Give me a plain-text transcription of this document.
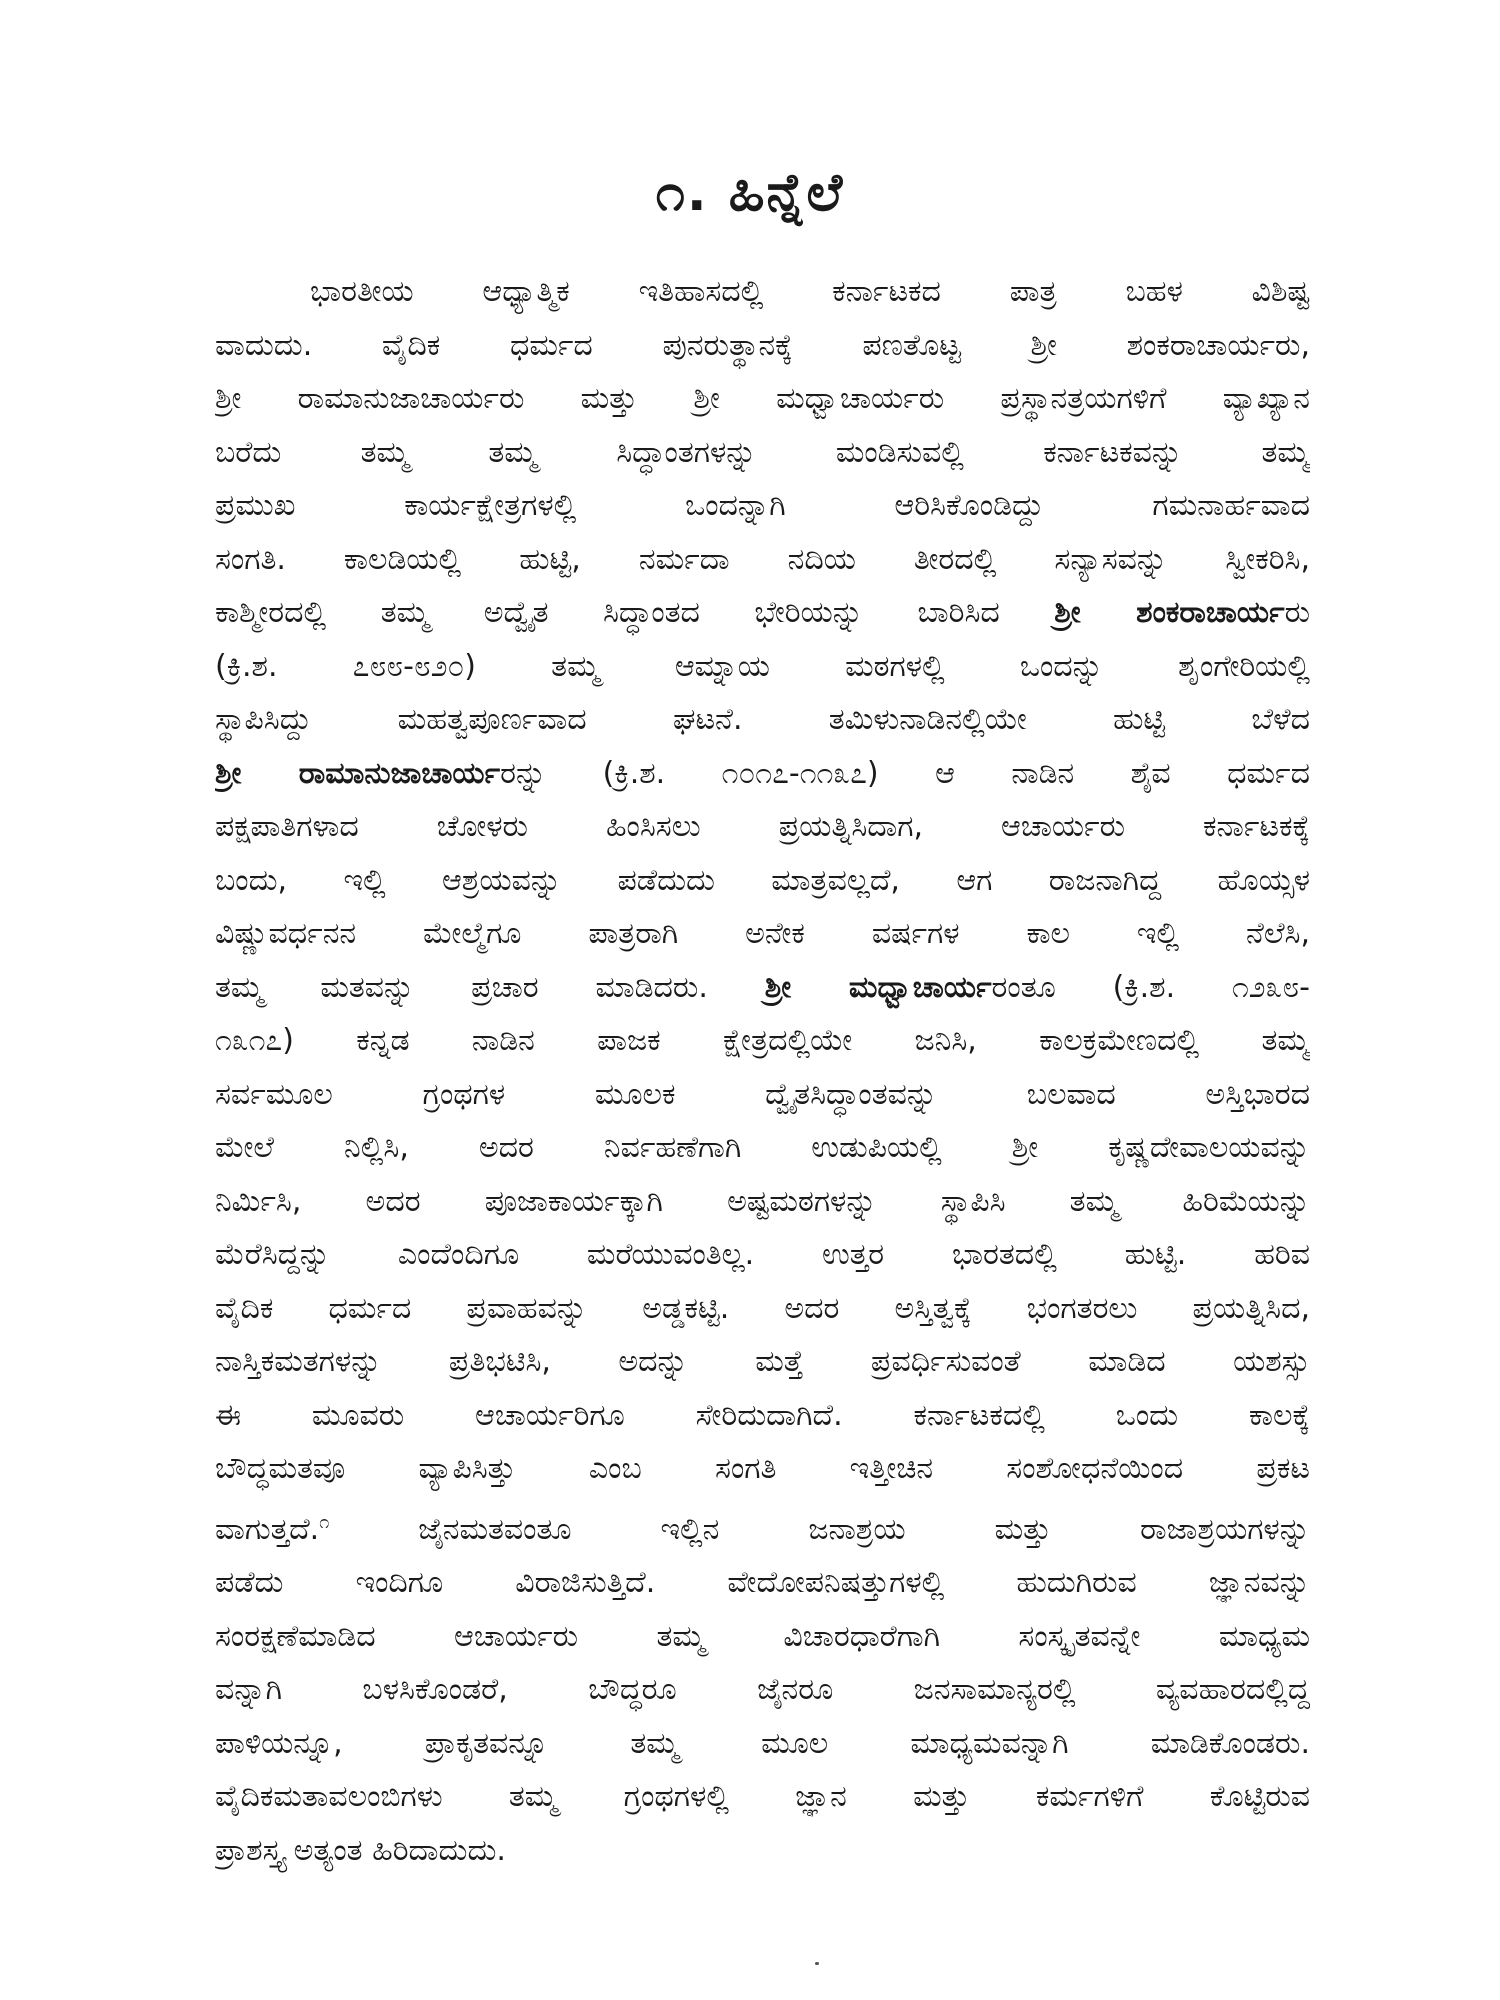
೧. ಹಿನ್ನೆಲೆ
ಭಾರತೀಯ ಆಧ್ಯಾತ್ಮಿಕ ಇತಿಹಾಸದಲ್ಲಿ ಕರ್ನಾಟಕದ ಪಾತ್ರ ಬಹಳ ವಿಶಿಷ್ಟ
ವಾದುದು. ವೈದಿಕ ಧರ್ಮದ ಪುನರುತ್ಥಾನಕ್ಕೆ ಪಣತೊಟ್ಟ ಶ್ರೀ ಶಂಕರಾಚಾರ್ಯರು,
ಶ್ರೀ ರಾಮಾನುಜಾಚಾರ್ಯರು ಮತ್ತು ಶ್ರೀ ಮಧ್ವಾಚಾರ್ಯರು ಪ್ರಸ್ಥಾನತ್ರಯಗಳಿಗೆ ವ್ಯಾಖ್ಯಾನ
ಬರೆದು ತಮ್ಮ ತಮ್ಮ ಸಿದ್ಧಾಂತಗಳನ್ನು ಮಂಡಿಸುವಲ್ಲಿ ಕರ್ನಾಟಕವನ್ನು ತಮ್ಮ
ಪ್ರಮುಖ ಕಾರ್ಯಕ್ಷೇತ್ರಗಳಲ್ಲಿ ಒಂದನ್ನಾಗಿ ಆರಿಸಿಕೊಂಡಿದ್ದು ಗಮನಾರ್ಹವಾದ
ಸಂಗತಿ. ಕಾಲಡಿಯಲ್ಲಿ ಹುಟ್ಟಿ, ನರ್ಮದಾ ನದಿಯ ತೀರದಲ್ಲಿ ಸನ್ಯಾಸವನ್ನು ಸ್ವೀಕರಿಸಿ,
ಕಾಶ್ಮೀರದಲ್ಲಿ ತಮ್ಮ ಅದ್ವೈತ ಸಿದ್ಧಾಂತದ ಭೇರಿಯನ್ನು ಬಾರಿಸಿದ ಶ್ರೀ ಶಂಕರಾಚಾರ್ಯರು
(ಕ್ರಿ.ಶ. ೭೮೮-೮೨೦) ತಮ್ಮ ಆಮ್ನಾಯ ಮಠಗಳಲ್ಲಿ ಒಂದನ್ನು ಶೃಂಗೇರಿಯಲ್ಲಿ
ಸ್ಥಾಪಿಸಿದ್ದು ಮಹತ್ವಪೂರ್ಣವಾದ ಘಟನೆ. ತಮಿಳುನಾಡಿನಲ್ಲಿಯೇ ಹುಟ್ಟಿ ಬೆಳೆದ
ಶ್ರೀ ರಾಮಾನುಜಾಚಾರ್ಯರನ್ನು (ಕ್ರಿ.ಶ. ೧೦೧೭-೧೧೩೭) ಆ ನಾಡಿನ ಶೈವ ಧರ್ಮದ
ಪಕ್ಷಪಾತಿಗಳಾದ ಚೋಳರು ಹಿಂಸಿಸಲು ಪ್ರಯತ್ನಿಸಿದಾಗ, ಆಚಾರ್ಯರು ಕರ್ನಾಟಕಕ್ಕೆ
ಬಂದು, ಇಲ್ಲಿ ಆಶ್ರಯವನ್ನು ಪಡೆದುದು ಮಾತ್ರವಲ್ಲದೆ, ಆಗ ರಾಜನಾಗಿದ್ದ ಹೊಯ್ಸಳ
ವಿಷ್ಣುವರ್ಧನನ ಮೇಲ್ಮೆಗೂ ಪಾತ್ರರಾಗಿ ಅನೇಕ ವರ್ಷಗಳ ಕಾಲ ಇಲ್ಲಿ ನೆಲೆಸಿ,
ತಮ್ಮ ಮತವನ್ನು ಪ್ರಚಾರ ಮಾಡಿದರು. ಶ್ರೀ ಮಧ್ವಾಚಾರ್ಯರಂತೂ (ಕ್ರಿ.ಶ. ೧೨೩೮-
೧೩೧೭) ಕನ್ನಡ ನಾಡಿನ ಪಾಜಕ ಕ್ಷೇತ್ರದಲ್ಲಿಯೇ ಜನಿಸಿ, ಕಾಲಕ್ರಮೇಣದಲ್ಲಿ ತಮ್ಮ
ಸರ್ವಮೂಲ ಗ್ರಂಥಗಳ ಮೂಲಕ ದ್ವೈತಸಿದ್ಧಾಂತವನ್ನು ಬಲವಾದ ಅಸ್ತಿಭಾರದ
ಮೇಲೆ ನಿಲ್ಲಿಸಿ, ಅದರ ನಿರ್ವಹಣೆಗಾಗಿ ಉಡುಪಿಯಲ್ಲಿ ಶ್ರೀ ಕೃಷ್ಣದೇವಾಲಯವನ್ನು
ನಿರ್ಮಿಸಿ, ಅದರ ಪೂಜಾಕಾರ್ಯಕ್ಕಾಗಿ ಅಷ್ಟಮಠಗಳನ್ನು ಸ್ಥಾಪಿಸಿ ತಮ್ಮ ಹಿರಿಮೆಯನ್ನು
ಮೆರೆಸಿದ್ದನ್ನು ಎಂದೆಂದಿಗೂ ಮರೆಯುವಂತಿಲ್ಲ. ಉತ್ತರ ಭಾರತದಲ್ಲಿ ಹುಟ್ಟಿ. ಹರಿವ
ವೈದಿಕ ಧರ್ಮದ ಪ್ರವಾಹವನ್ನು ಅಡ್ಡಕಟ್ಟಿ. ಅದರ ಅಸ್ತಿತ್ವಕ್ಕೆ ಭಂಗತರಲು ಪ್ರಯತ್ನಿಸಿದ,
ನಾಸ್ತಿಕಮತಗಳನ್ನು ಪ್ರತಿಭಟಿಸಿ, ಅದನ್ನು ಮತ್ತೆ ಪ್ರವರ್ಧಿಸುವಂತೆ ಮಾಡಿದ ಯಶಸ್ಸು
ಈ ಮೂವರು ಆಚಾರ್ಯರಿಗೂ ಸೇರಿದುದಾಗಿದೆ. ಕರ್ನಾಟಕದಲ್ಲಿ ಒಂದು ಕಾಲಕ್ಕೆ
ಬೌದ್ಧಮತವೂ ವ್ಯಾಪಿಸಿತ್ತು ಎಂಬ ಸಂಗತಿ ಇತ್ತೀಚಿನ ಸಂಶೋಧನೆಯಿಂದ ಪ್ರಕಟ
ವಾಗುತ್ತದೆ.$^೧$ ಜೈನಮತವಂತೂ ಇಲ್ಲಿನ ಜನಾಶ್ರಯ ಮತ್ತು ರಾಜಾಶ್ರಯಗಳನ್ನು
ಪಡೆದು ಇಂದಿಗೂ ವಿರಾಜಿಸುತ್ತಿದೆ. ವೇದೋಪನಿಷತ್ತುಗಳಲ್ಲಿ ಹುದುಗಿರುವ ಜ್ಞಾನವನ್ನು
ಸಂರಕ್ಷಣೆಮಾಡಿದ ಆಚಾರ್ಯರು ತಮ್ಮ ವಿಚಾರಧಾರೆಗಾಗಿ ಸಂಸ್ಕೃತವನ್ನೇ ಮಾಧ್ಯಮ
ವನ್ನಾಗಿ ಬಳಸಿಕೊಂಡರೆ, ಬೌದ್ಧರೂ ಜೈನರೂ ಜನಸಾಮಾನ್ಯರಲ್ಲಿ ವ್ಯವಹಾರದಲ್ಲಿದ್ದ
ಪಾಳಿಯನ್ನೂ, ಪ್ರಾಕೃತವನ್ನೂ ತಮ್ಮ ಮೂಲ ಮಾಧ್ಯಮವನ್ನಾಗಿ ಮಾಡಿಕೊಂಡರು.
ವೈದಿಕಮತಾವಲಂಬಿಗಳು ತಮ್ಮ ಗ್ರಂಥಗಳಲ್ಲಿ ಜ್ಞಾನ ಮತ್ತು ಕರ್ಮಗಳಿಗೆ ಕೊಟ್ಟಿರುವ
ಪ್ರಾಶಸ್ತ್ಯ ಅತ್ಯಂತ ಹಿರಿದಾದುದು.
